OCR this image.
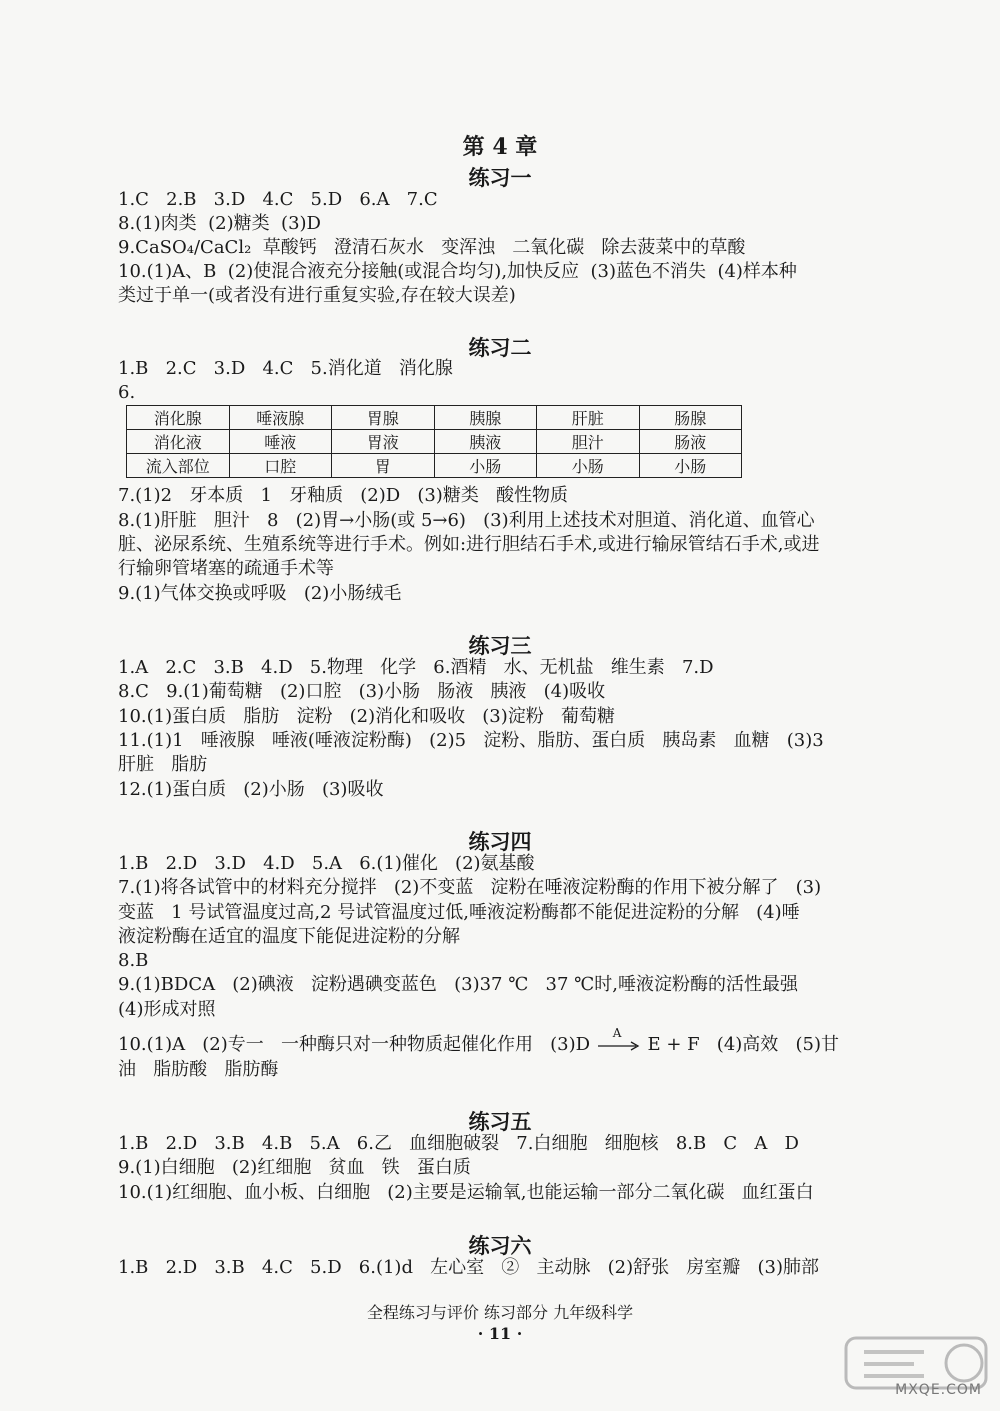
第 4 章
练习一
1.C   2.B   3.D   4.C   5.D   6.A   7.C
8.(1)肉类  (2)糖类  (3)D
9.CaSO₄/CaCl₂  草酸钙   澄清石灰水   变浑浊   二氧化碳   除去菠菜中的草酸
10.(1)A、B  (2)使混合液充分接触(或混合均匀),加快反应  (3)蓝色不消失  (4)样本种
类过于单一(或者没有进行重复实验,存在较大误差)
练习二
1.B   2.C   3.D   4.C   5.消化道   消化腺
6.
消化腺	唾液腺	胃腺	胰腺	肝脏	肠腺
消化液	唾液	胃液	胰液	胆汁	肠液
流入部位	口腔	胃	小肠	小肠	小肠
7.(1)2   牙本质   1   牙釉质   (2)D   (3)糖类   酸性物质
8.(1)肝脏   胆汁   8   (2)胃→小肠(或 5→6)   (3)利用上述技术对胆道、消化道、血管心
脏、泌尿系统、生殖系统等进行手术。例如:进行胆结石手术,或进行输尿管结石手术,或进
行输卵管堵塞的疏通手术等
9.(1)气体交换或呼吸   (2)小肠绒毛
练习三
1.A   2.C   3.B   4.D   5.物理   化学   6.酒精   水、无机盐   维生素   7.D
8.C   9.(1)葡萄糖   (2)口腔   (3)小肠   肠液   胰液   (4)吸收
10.(1)蛋白质   脂肪   淀粉   (2)消化和吸收   (3)淀粉   葡萄糖
11.(1)1   唾液腺   唾液(唾液淀粉酶)   (2)5   淀粉、脂肪、蛋白质   胰岛素   血糖   (3)3
肝脏   脂肪
12.(1)蛋白质   (2)小肠   (3)吸收
练习四
1.B   2.D   3.D   4.D   5.A   6.(1)催化   (2)氨基酸
7.(1)将各试管中的材料充分搅拌   (2)不变蓝   淀粉在唾液淀粉酶的作用下被分解了   (3)
变蓝   1 号试管温度过高,2 号试管温度过低,唾液淀粉酶都不能促进淀粉的分解   (4)唾
液淀粉酶在适宜的温度下能促进淀粉的分解
8.B
9.(1)BDCA   (2)碘液   淀粉遇碘变蓝色   (3)37 ℃   37 ℃时,唾液淀粉酶的活性最强
(4)形成对照
10.(1)A   (2)专一   一种酶只对一种物质起催化作用   (3)D
A
E + F   (4)高效   (5)甘
油   脂肪酸   脂肪酶
练习五
1.B   2.D   3.B   4.B   5.A   6.乙   血细胞破裂   7.白细胞   细胞核   8.B   C   A   D
9.(1)白细胞   (2)红细胞   贫血   铁   蛋白质
10.(1)红细胞、血小板、白细胞   (2)主要是运输氧,也能运输一部分二氧化碳   血红蛋白
练习六
1.B   2.D   3.B   4.C   5.D   6.(1)d   左心室   ②   主动脉   (2)舒张   房室瓣   (3)肺部
全程练习与评价 练习部分 九年级科学
· 11 ·
MXQE.COM
